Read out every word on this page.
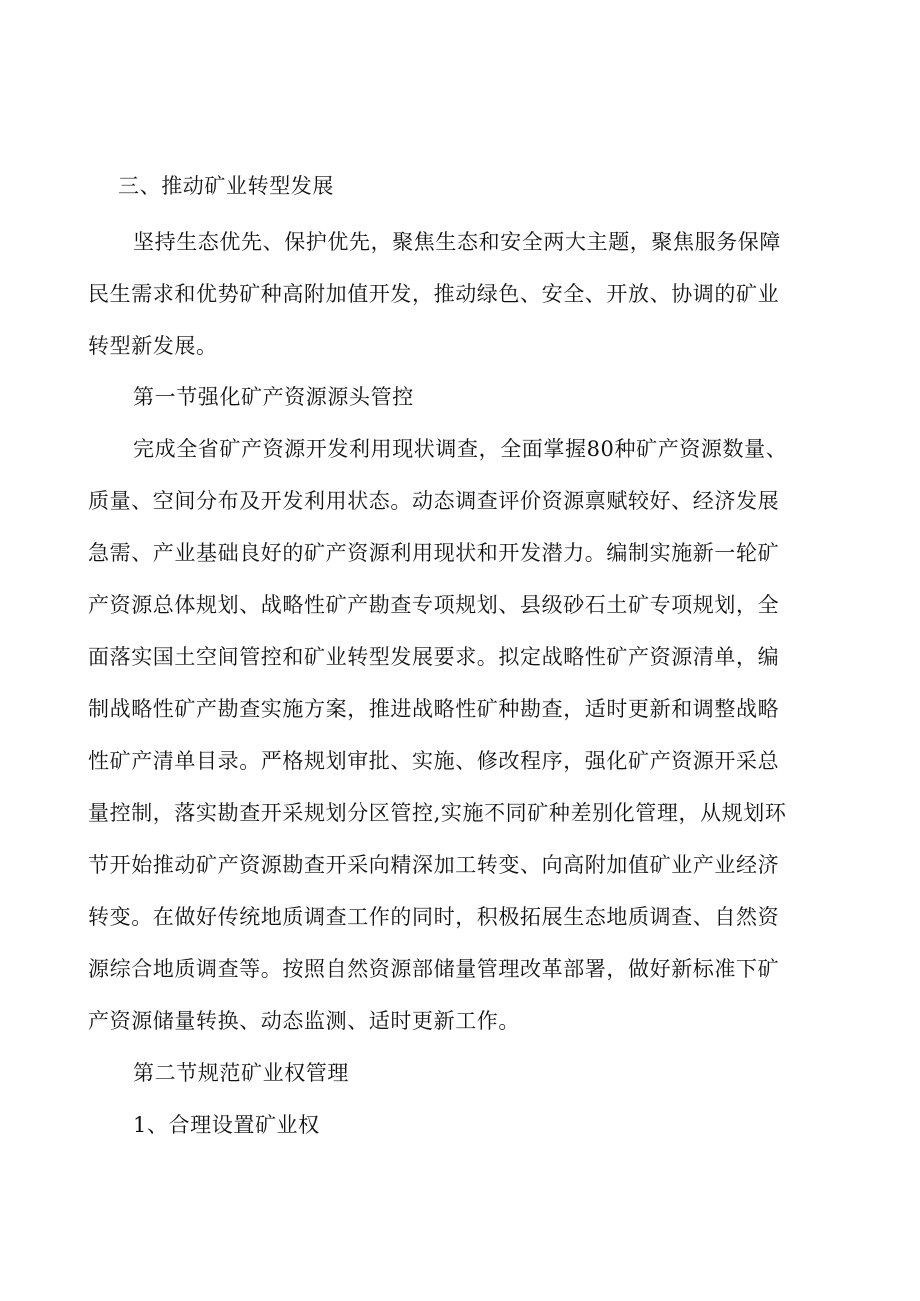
三、推动矿业转型发展
坚持生态优先、保护优先，聚焦生态和安全两大主题，聚焦服务保障
民生需求和优势矿种高附加值开发，推动绿色、安全、开放、协调的矿业
转型新发展。
第一节强化矿产资源源头管控
完成全省矿产资源开发利用现状调查，全面掌握80种矿产资源数量、
质量、空间分布及开发利用状态。动态调查评价资源禀赋较好、经济发展
急需、产业基础良好的矿产资源利用现状和开发潜力。编制实施新一轮矿
产资源总体规划、战略性矿产勘查专项规划、县级砂石土矿专项规划，全
面落实国土空间管控和矿业转型发展要求。拟定战略性矿产资源清单，编
制战略性矿产勘查实施方案，推进战略性矿种勘查，适时更新和调整战略
性矿产清单目录。严格规划审批、实施、修改程序，强化矿产资源开采总
量控制，落实勘查开采规划分区管控,实施不同矿种差别化管理，从规划环
节开始推动矿产资源勘查开采向精深加工转变、向高附加值矿业产业经济
转变。在做好传统地质调查工作的同时，积极拓展生态地质调查、自然资
源综合地质调查等。按照自然资源部储量管理改革部署，做好新标准下矿
产资源储量转换、动态监测、适时更新工作。
第二节规范矿业权管理
1、合理设置矿业权
